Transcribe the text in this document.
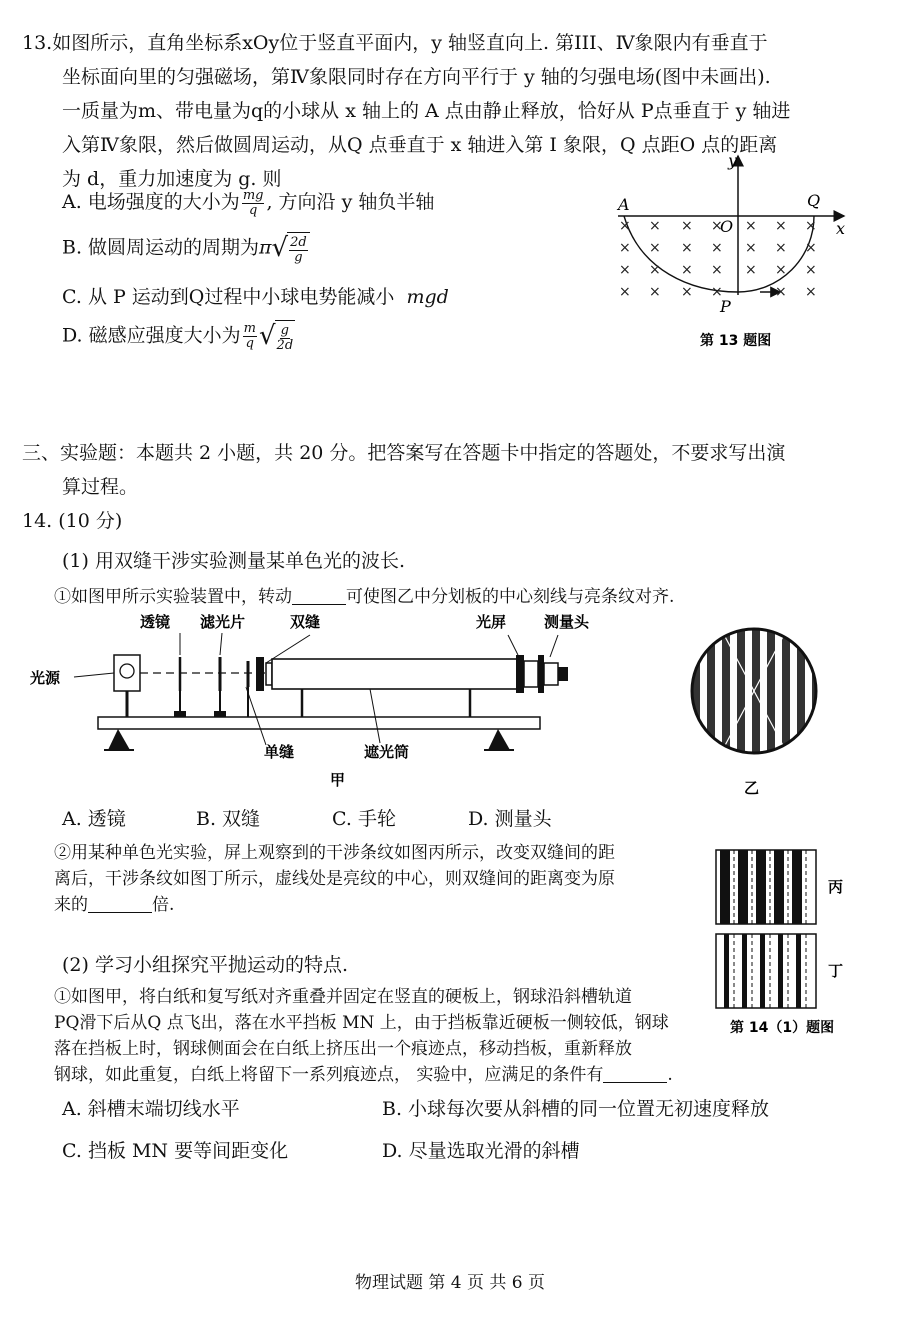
13.如图所示，直角坐标系xOy位于竖直平面内，y 轴竖直向上. 第III、Ⅳ象限内有垂直于
坐标面向里的匀强磁场，第Ⅳ象限同时存在方向平行于 y 轴的匀强电场(图中未画出).
一质量为m、带电量为q的小球从 x 轴上的 A 点由静止释放，恰好从 P点垂直于 y 轴进
入第Ⅳ象限，然后做圆周运动，从Q 点垂直于 x 轴进入第 I 象限，Q 点距O 点的距离
为 d，重力加速度为 g. 则
A. 电场强度的大小为 $\frac{mg}{q}$ , 方向沿 y 轴负半轴
B. 做圆周运动的周期为π √ $\frac{2d}{g}$
C. 从 P 运动到Q过程中小球电势能减小 mgd
D. 磁感应强度大小为 $\frac{m}{q}$ √ $\frac{g}{2d}$
× × × × × × ×
× × × × × × ×
× × × × × × ×
× × × ×	× ×
y
x
A	Q
O
P
第 13 题图
三、实验题：本题共 2 小题，共 20 分。把答案写在答题卡中指定的答题处，不要求写出演
算过程。
14. (10 分)
(1) 用双缝干涉实验测量某单色光的波长.
①如图甲所示实验装置中，转动	可使图乙中分划板的中心刻线与亮条纹对齐.
透镜 滤光片	双缝	光屏	测量头
光源
单缝	遮光筒
甲	乙
A. 透镜	B. 双缝	C. 手轮	D. 测量头
②用某种单色光实验，屏上观察到的干涉条纹如图丙所示，改变双缝间的距
离后，干涉条纹如图丁所示，虚线处是亮纹的中心，则双缝间的距离变为原
来的	倍.
丙
丁
第 14（1）题图
(2) 学习小组探究平抛运动的特点.
①如图甲，将白纸和复写纸对齐重叠并固定在竖直的硬板上，钢球沿斜槽轨道
PQ滑下后从Q 点飞出，落在水平挡板 MN 上，由于挡板靠近硬板一侧较低，钢球
落在挡板上时，钢球侧面会在白纸上挤压出一个痕迹点，移动挡板，重新释放
钢球，如此重复，白纸上将留下一系列痕迹点， 实验中，应满足的条件有	.
A. 斜槽末端切线水平	B. 小球每次要从斜槽的同一位置无初速度释放
C. 挡板 MN 要等间距变化	D. 尽量选取光滑的斜槽
物理试题 第 4 页 共 6 页
